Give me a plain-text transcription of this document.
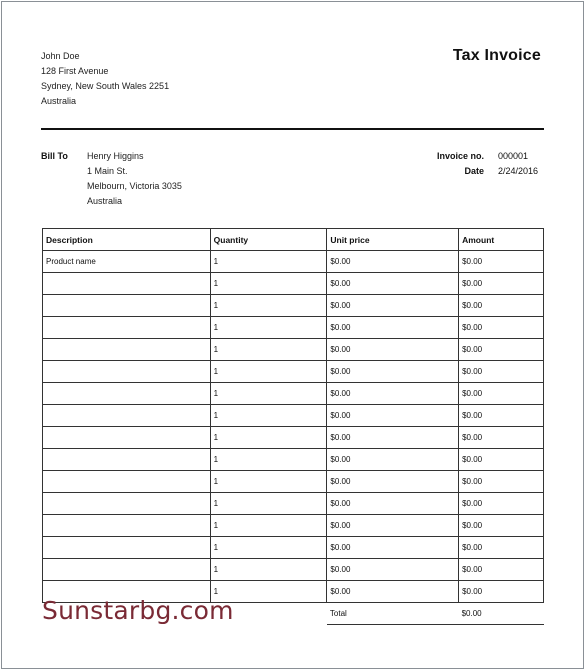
John Doe
128 First Avenue
Sydney, New South Wales 2251
Australia
Tax Invoice
Bill To Henry Higgins
1 Main St.
Melbourn, Victoria 3035
Australia
Invoice no.	000001
Date	2/24/2016
Description	Quantity	Unit price	Amount
Product name	1	$0.00	$0.00
	1	$0.00	$0.00
	1	$0.00	$0.00
	1	$0.00	$0.00
	1	$0.00	$0.00
	1	$0.00	$0.00
	1	$0.00	$0.00
	1	$0.00	$0.00
	1	$0.00	$0.00
	1	$0.00	$0.00
	1	$0.00	$0.00
	1	$0.00	$0.00
	1	$0.00	$0.00
	1	$0.00	$0.00
	1	$0.00	$0.00
	1	$0.00	$0.00
		Total	$0.00
Sunstarbg.com
